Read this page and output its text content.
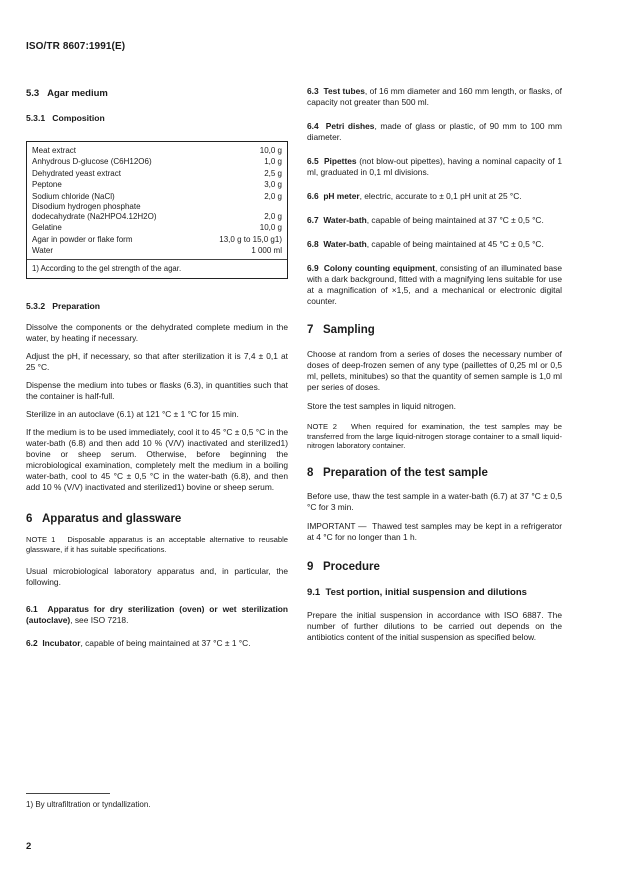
ISO/TR 8607:1991(E)
5.3 Agar medium
5.3.1 Composition
Meat extract	10,0 g
Anhydrous D-glucose (C6H12O6)	1,0 g
Dehydrated yeast extract	2,5 g
Peptone	3,0 g
Sodium chloride (NaCl)	2,0 g
Disodium hydrogen phosphate
dodecahydrate (Na2HPO4.12H2O)	2,0 g
Gelatine	10,0 g
Agar in powder or flake form	13,0 g to 15,0 g1)
Water	1 000 ml
1) According to the gel strength of the agar.
5.3.2 Preparation

Dissolve the components or the dehydrated complete medium in the water, by heating if necessary.

Adjust the pH, if necessary, so that after sterilization it is 7,4 ± 0,1 at 25 °C.

Dispense the medium into tubes or flasks (6.3), in quantities such that the container is half-full.

Sterilize in an autoclave (6.1) at 121 °C ± 1 °C for 15 min.

If the medium is to be used immediately, cool it to 45 °C ± 0,5 °C in the water-bath (6.8) and then add 10 % (V/V) inactivated and sterilized1) bovine or sheep serum. Otherwise, before beginning the microbiological examination, completely melt the medium in a boiling water-bath, cool to 45 °C ± 0,5 °C in the water-bath (6.8), and then add 10 % (V/V) inactivated and sterilized1) bovine or sheep serum.

6 Apparatus and glassware

NOTE 1 Disposable apparatus is an acceptable alternative to reusable glassware, if it has suitable specifications.

Usual microbiological laboratory apparatus and, in particular, the following.

6.1 Apparatus for dry sterilization (oven) or wet sterilization (autoclave), see ISO 7218.

6.2 Incubator, capable of being maintained at 37 °C ± 1 °C.

6.3 Test tubes, of 16 mm diameter and 160 mm length, or flasks, of capacity not greater than 500 ml.

6.4 Petri dishes, made of glass or plastic, of 90 mm to 100 mm diameter.

6.5 Pipettes (not blow-out pipettes), having a nominal capacity of 1 ml, graduated in 0,1 ml divisions.

6.6 pH meter, electric, accurate to ± 0,1 pH unit at 25 °C.

6.7 Water-bath, capable of being maintained at 37 °C ± 0,5 °C.

6.8 Water-bath, capable of being maintained at 45 °C ± 0,5 °C.

6.9 Colony counting equipment, consisting of an illuminated base with a dark background, fitted with a magnifying lens suitable for use at a magnification of ×1,5, and a mechanical or electronic digital counter.

7 Sampling

Choose at random from a series of doses the necessary number of doses of deep-frozen semen of any type (paillettes of 0,25 ml or 0,5 ml, pellets, minitubes) so that the quantity of semen sample is 1,0 ml per series of doses.

Store the test samples in liquid nitrogen.

NOTE 2 When required for examination, the test samples may be transferred from the large liquid-nitrogen storage container to a small liquid-nitrogen laboratory container.

8 Preparation of the test sample

Before use, thaw the test sample in a water-bath (6.7) at 37 °C ± 0,5 °C for 3 min.

IMPORTANT — Thawed test samples may be kept in a refrigerator at 4 °C for no longer than 1 h.

9 Procedure
9.1 Test portion, initial suspension and dilutions

Prepare the initial suspension in accordance with ISO 6887. The number of further dilutions to be carried out depends on the antibiotics content of the initial suspension as specified below.

1) By ultrafiltration or tyndallization.
2
